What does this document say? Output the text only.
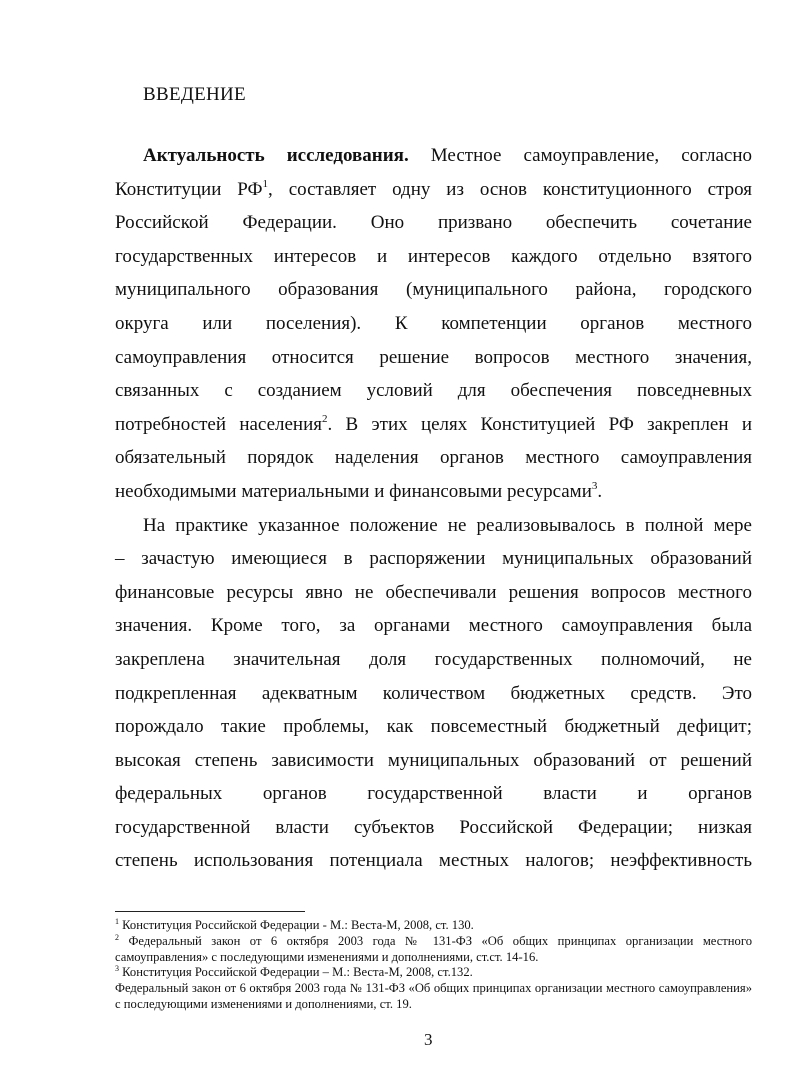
ВВЕДЕНИЕ
Актуальность исследования. Местное самоуправление, согласно
Конституции $РФ^1$, составляет одну из основ конституционного строя
Российской Федерации. Оно призвано обеспечить сочетание
государственных интересов и интересов каждого отдельно взятого
муниципального образования (муниципального района, городского
округа или поселения). К компетенции органов местного
самоуправления относится решение вопросов местного значения,
связанных с созданием условий для обеспечения повседневных
потребностей населения$^2$. В этих целях Конституцией РФ закреплен и
обязательный порядок наделения органов местного самоуправления
необходимыми материальными и финансовыми ресурсами$^3$.
На практике указанное положение не реализовывалось в полной мере
– зачастую имеющиеся в распоряжении муниципальных образований
финансовые ресурсы явно не обеспечивали решения вопросов местного
значения. Кроме того, за органами местного самоуправления была
закреплена значительная доля государственных полномочий, не
подкрепленная адекватным количеством бюджетных средств. Это
порождало такие проблемы, как повсеместный бюджетный дефицит;
высокая степень зависимости муниципальных образований от решений
федеральных органов государственной власти и органов
государственной власти субъектов Российской Федерации; низкая
степень использования потенциала местных налогов; неэффективность
$^1$ Конституция Российской Федерации - М.: Веста-М, 2008, ст. 130.
$^2$ Федеральный закон от 6 октября 2003 года № 131-ФЗ «Об общих принципах организации местного самоуправления» с последующими изменениями и дополнениями, ст.ст. 14-16.
$^3$ Конституция Российской Федерации – М.: Веста-М, 2008, ст.132.
Федеральный закон от 6 октября 2003 года № 131-ФЗ «Об общих принципах организации местного самоуправления» с последующими изменениями и дополнениями, ст. 19.
3
